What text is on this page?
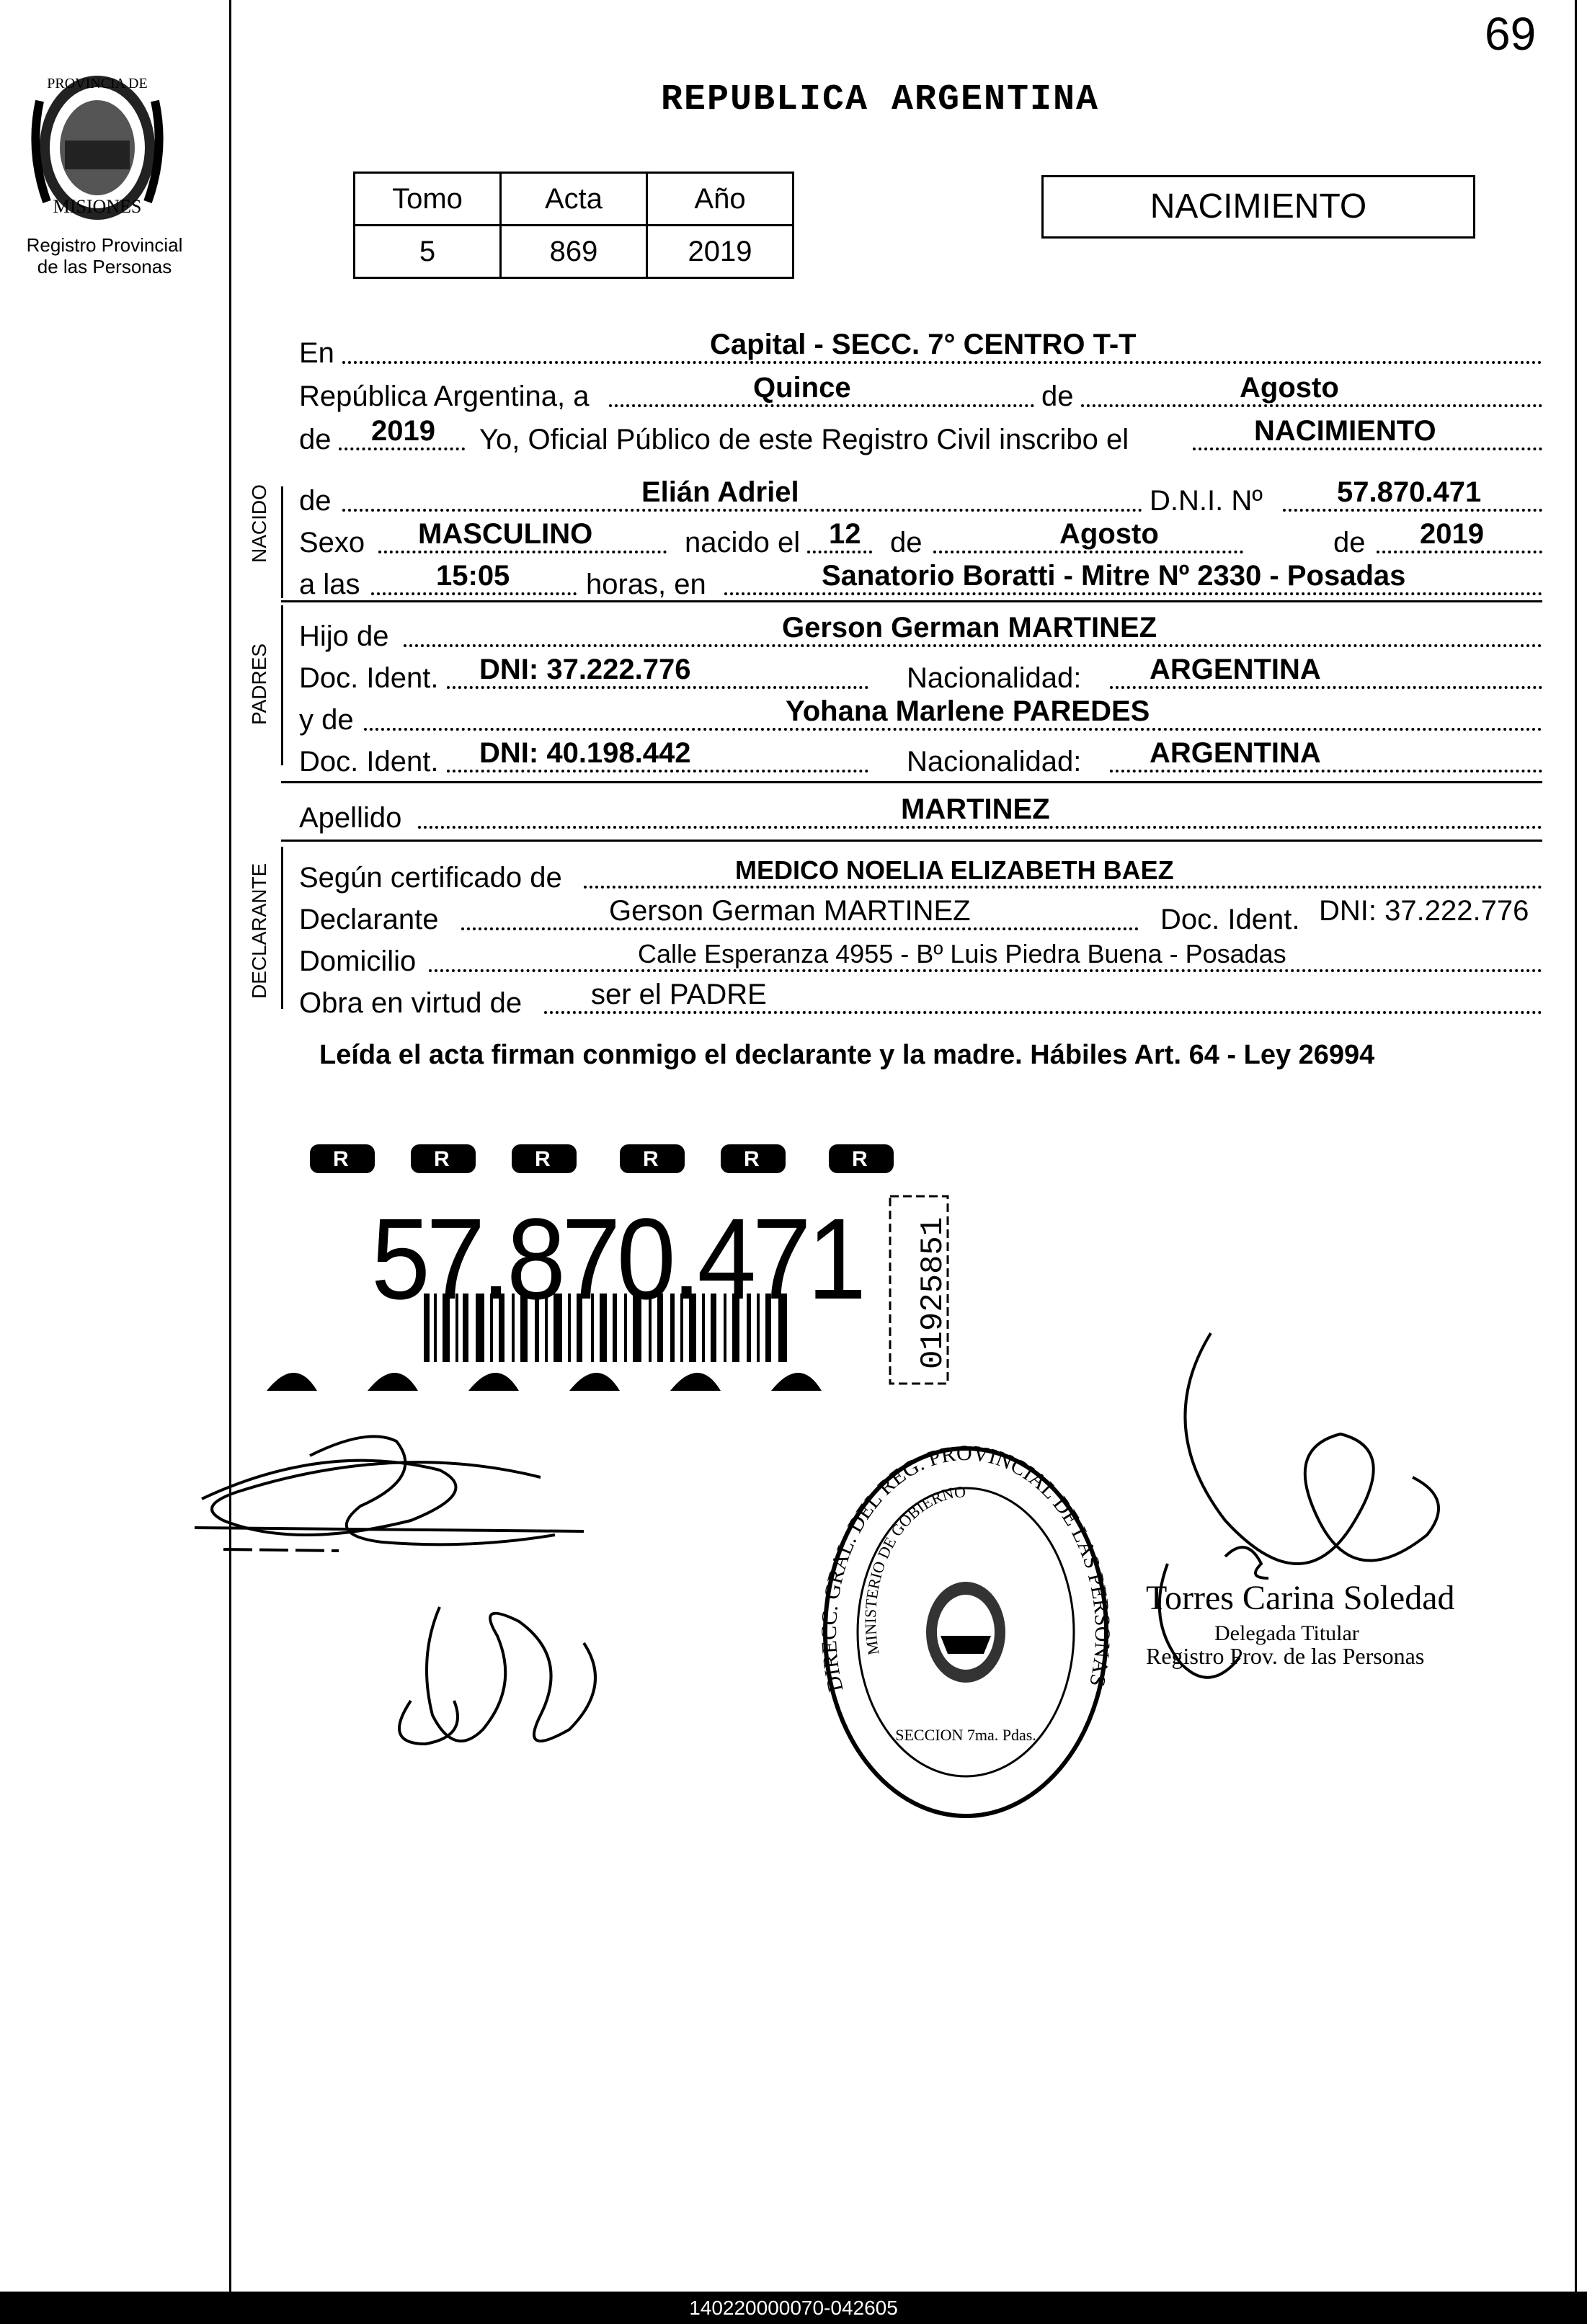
69
PROVINCIA DE
MISIONES
Registro Provincial
de las Personas
REPUBLICA ARGENTINA
Tomo	Acta	Año
5	869	2019
NACIMIENTO
En	Capital - SECC. 7° CENTRO T-T
República Argentina, a	Quince	de	Agosto
de 2019 Yo, Oficial Público de este Registro Civil inscribo el	NACIMIENTO
NACIDO de	Elián Adriel	D.N.I. Nº	57.870.471
Sexo MASCULINO	nacido el 12 de	Agosto	de 2019
a las	15:05	horas, en	Sanatorio Boratti - Mitre Nº 2330 - Posadas
PADRES
Hijo de	Gerson German MARTINEZ
Doc. Ident. DNI: 37.222.776	Nacionalidad: ARGENTINA
y de	Yohana Marlene PAREDES
Doc. Ident. DNI: 40.198.442	Nacionalidad: ARGENTINA
Apellido	MARTINEZ
DECLARANTE Según certificado de	MEDICO NOELIA ELIZABETH BAEZ
Declarante	Gerson German MARTINEZ	Doc. Ident. DNI: 37.222.776
Domicilio	Calle Esperanza 4955 - Bº Luis Piedra Buena - Posadas
Obra en virtud de ser el PADRE
Leída el acta firman conmigo el declarante y la madre. Hábiles Art. 64 - Ley 26994
R	R	R	R	R	R
57.870.471 01925851
DIRECC. GRAL. DEL REG. PROVINCIAL DE LAS PERSONAS
MINISTERIO DE GOBIERNO
SECCION 7ma. Pdas.
Torres Carina Soledad
Delegada Titular
Registro Prov. de las Personas
140220000070-042605
